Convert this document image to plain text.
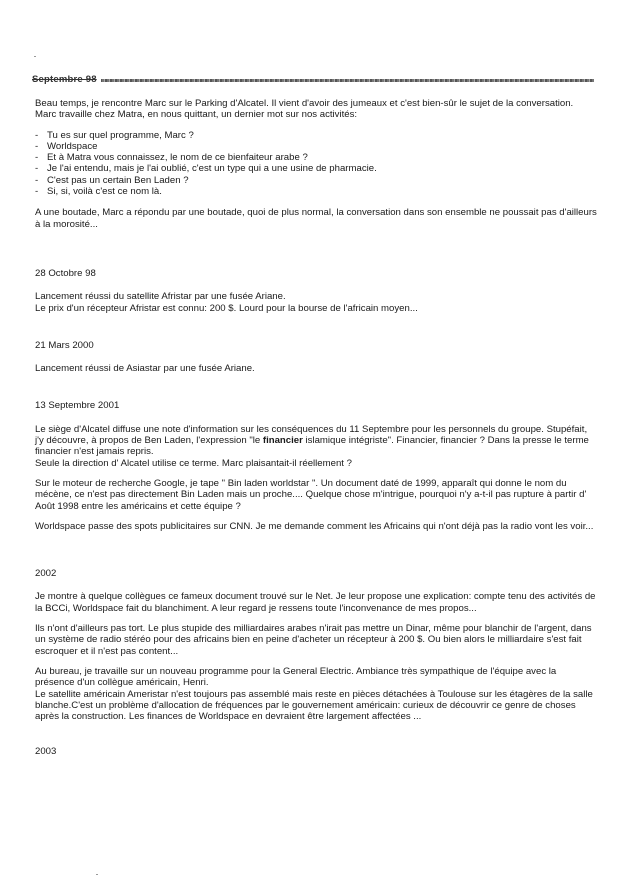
Septembre 98

Beau temps, je rencontre Marc sur le Parking d'Alcatel. Il vient d'avoir des jumeaux et c'est bien-sûr le sujet de la conversation. Marc travaille chez Matra, en nous quittant, un dernier mot sur nos activités:

- Tu es sur quel programme, Marc ?
- Worldspace
- Et à Matra vous connaissez, le nom de ce bienfaiteur arabe ?
- Je l'ai entendu, mais je l'ai oublié, c'est un type qui a une usine de pharmacie.
- C'est pas un certain Ben Laden ?
- Si, si, voilà c'est ce nom là.

A une boutade, Marc a répondu par une boutade, quoi de plus normal, la conversation dans son ensemble ne poussait pas d'ailleurs à la morosité...

28 Octobre 98

Lancement réussi du satellite Afristar par une fusée Ariane.
Le prix d'un récepteur Afristar est connu: 200 $. Lourd pour la bourse de l'africain moyen...

21 Mars 2000

Lancement réussi de Asiastar par une fusée Ariane.

13 Septembre 2001

Le siège d'Alcatel diffuse une note d'information sur les conséquences du 11 Septembre pour les personnels du groupe. Stupéfait, j'y découvre, à propos de Ben Laden, l'expression "le financier islamique intégriste". Financier, financier ? Dans la presse le terme financier n'est jamais repris.
Seule la direction d' Alcatel utilise ce terme. Marc plaisantait-il réellement ?

Sur le moteur de recherche Google, je tape " Bin laden worldstar ". Un document daté de 1999, apparaît qui donne le nom du mécène, ce n'est pas directement Bin Laden mais un proche.... Quelque chose m'intrigue, pourquoi n'y a-t-il pas rupture à partir d' Août 1998 entre les américains et cette équipe ?

Worldspace passe des spots publicitaires sur CNN. Je me demande comment les Africains qui n'ont déjà pas la radio vont les voir...

2002

Je montre à quelque collègues ce fameux document trouvé sur le Net. Je leur propose une explication: compte tenu des activités de la BCCi, Worldspace fait du blanchiment. A leur regard je ressens toute l'inconvenance de mes propos...

Ils n'ont d'ailleurs pas tort. Le plus stupide des milliardaires arabes n'irait pas mettre un Dinar, même pour blanchir de l'argent, dans un système de radio stéréo pour des africains bien en peine d'acheter un récepteur à 200 $. Ou bien alors le milliardaire s'est fait escroquer et il n'est pas content...

Au bureau, je travaille sur un nouveau programme pour la General Electric. Ambiance très sympathique de l'équipe avec la présence d'un collègue américain, Henri.
Le satellite américain Ameristar n'est toujours pas assemblé mais reste en pièces détachées à Toulouse sur les étagères de la salle blanche.C'est un problème d'allocation de fréquences par le gouvernement américain: curieux de découvrir ce genre de choses après la construction. Les finances de Worldspace en devraient être largement affectées ...

2003
